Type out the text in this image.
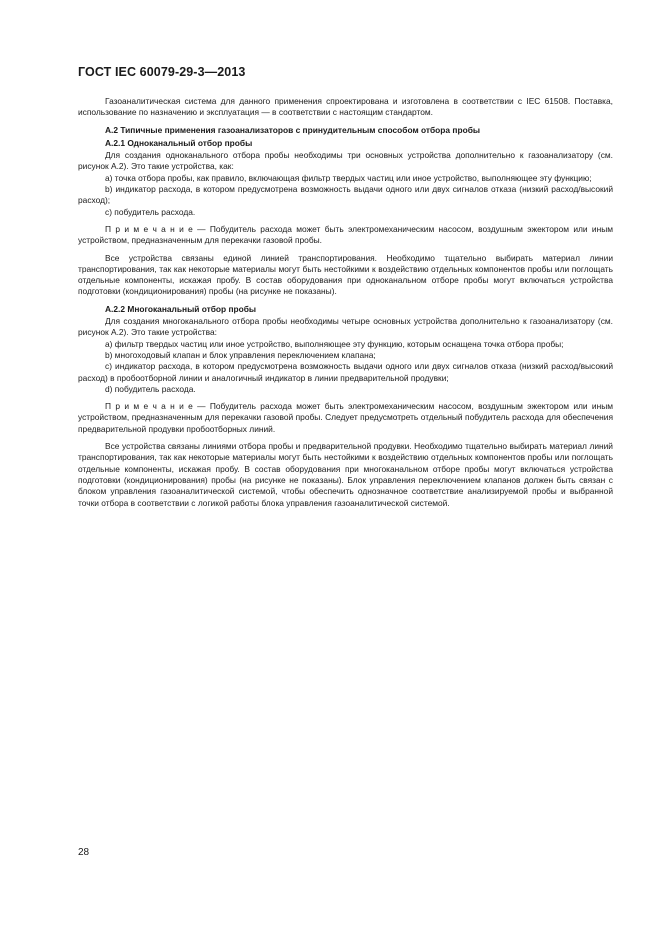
ГОСТ IEC 60079-29-3—2013

Газоаналитическая система для данного применения спроектирована и изготовлена в соответствии с IEC 61508. Поставка, использование по назначению и эксплуатация — в соответствии с настоящим стандартом.

А.2 Типичные применения газоанализаторов с принудительным способом отбора пробы

А.2.1 Одноканальный отбор пробы

Для создания одноканального отбора пробы необходимы три основных устройства дополнительно к газоанализатору (см. рисунок А.2). Это такие устройства, как:

а) точка отбора пробы, как правило, включающая фильтр твердых частиц или иное устройство, выполняющее эту функцию;

b) индикатор расхода, в котором предусмотрена возможность выдачи одного или двух сигналов отказа (низкий расход/высокий расход);

с) побудитель расхода.

П р и м е ч а н и е — Побудитель расхода может быть электромеханическим насосом, воздушным эжектором или иным устройством, предназначенным для перекачки газовой пробы.

Все устройства связаны единой линией транспортирования. Необходимо тщательно выбирать материал линии транспортирования, так как некоторые материалы могут быть нестойкими к воздействию отдельных компонентов пробы или поглощать отдельные компоненты, искажая пробу. В состав оборудования при одноканальном отборе пробы могут включаться устройства подготовки (кондиционирования) пробы (на рисунке не показаны).

А.2.2 Многоканальный отбор пробы

Для создания многоканального отбора пробы необходимы четыре основных устройства дополнительно к газоанализатору (см. рисунок А.2). Это такие устройства:

а) фильтр твердых частиц или иное устройство, выполняющее эту функцию, которым оснащена точка отбора пробы;

b) многоходовый клапан и блок управления переключением клапана;

с) индикатор расхода, в котором предусмотрена возможность выдачи одного или двух сигналов отказа (низкий расход/высокий расход) в пробоотборной линии и аналогичный индикатор в линии предварительной продувки;

d) побудитель расхода.

П р и м е ч а н и е — Побудитель расхода может быть электромеханическим насосом, воздушным эжектором или иным устройством, предназначенным для перекачки газовой пробы. Следует предусмотреть отдельный побудитель расхода для обеспечения предварительной продувки пробоотборных линий.

Все устройства связаны линиями отбора пробы и предварительной продувки. Необходимо тщательно выбирать материал линий транспортирования, так как некоторые материалы могут быть нестойкими к воздействию отдельных компонентов пробы или поглощать отдельные компоненты, искажая пробу. В состав оборудования при многоканальном отборе пробы могут включаться устройства подготовки (кондиционирования) пробы (на рисунке не показаны). Блок управления переключением клапанов должен быть связан с блоком управления газоаналитической системой, чтобы обеспечить однозначное соответствие анализируемой пробы и выбранной точки отбора в соответствии с логикой работы блока управления газоаналитической системой.

28
